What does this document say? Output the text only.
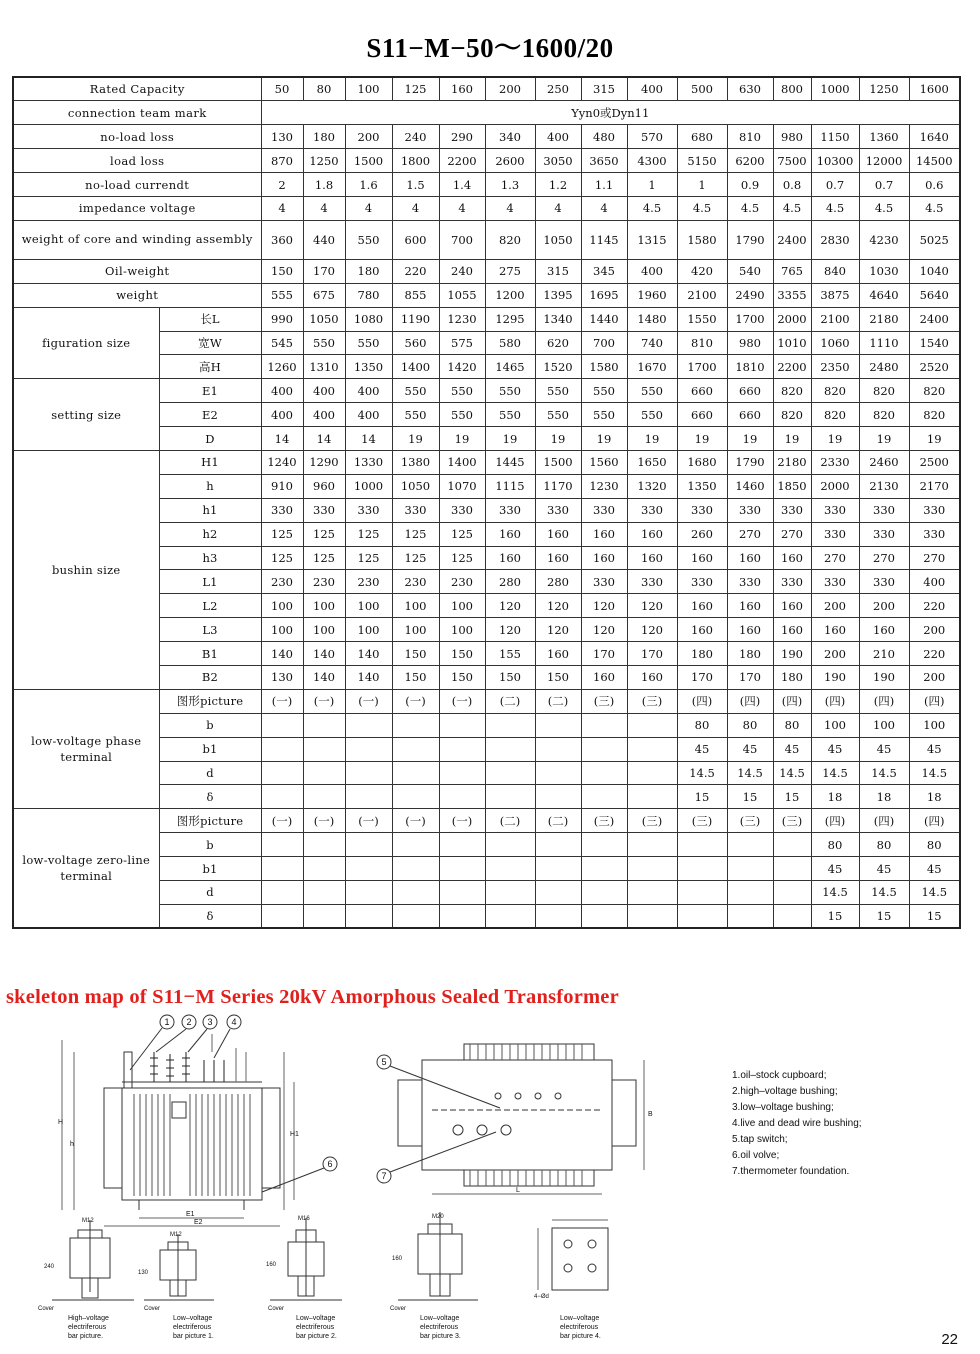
S11−M−50～1600/20
Rated Capacity		50	80	100	125	160	200	250	315	400	500	630	800	1000	1250	1600
connection team mark		Yyn0或Dyn11														
no-load loss		130	180	200	240	290	340	400	480	570	680	810	980	1150	1360	1640
load loss		870	1250	1500	1800	2200	2600	3050	3650	4300	5150	6200	7500	10300	12000	14500
no-load currendt		2	1.8	1.6	1.5	1.4	1.3	1.2	1.1	1	1	0.9	0.8	0.7	0.7	0.6
impedance voltage		4	4	4	4	4	4	4	4	4.5	4.5	4.5	4.5	4.5	4.5	4.5
weight of core and winding assembly		360	440	550	600	700	820	1050	1145	1315	1580	1790	2400	2830	4230	5025
Oil-weight		150	170	180	220	240	275	315	345	400	420	540	765	840	1030	1040
weight		555	675	780	855	1055	1200	1395	1695	1960	2100	2490	3355	3875	4640	5640
figuration size	长L	990	1050	1080	1190	1230	1295	1340	1440	1480	1550	1700	2000	2100	2180	2400
	宽W	545	550	550	560	575	580	620	700	740	810	980	1010	1060	1110	1540
	高H	1260	1310	1350	1400	1420	1465	1520	1580	1670	1700	1810	2200	2350	2480	2520
setting size	E1	400	400	400	550	550	550	550	550	550	660	660	820	820	820	820
	E2	400	400	400	550	550	550	550	550	550	660	660	820	820	820	820
	D	14	14	14	19	19	19	19	19	19	19	19	19	19	19	19
bushin size	H1	1240	1290	1330	1380	1400	1445	1500	1560	1650	1680	1790	2180	2330	2460	2500
	h	910	960	1000	1050	1070	1115	1170	1230	1320	1350	1460	1850	2000	2130	2170
	h1	330	330	330	330	330	330	330	330	330	330	330	330	330	330	330
	h2	125	125	125	125	125	160	160	160	160	260	270	270	330	330	330
	h3	125	125	125	125	125	160	160	160	160	160	160	160	270	270	270
	L1	230	230	230	230	230	280	280	330	330	330	330	330	330	330	400
	L2	100	100	100	100	100	120	120	120	120	160	160	160	200	200	220
	L3	100	100	100	100	100	120	120	120	120	160	160	160	160	160	200
	B1	140	140	140	150	150	155	160	170	170	180	180	190	200	210	220
	B2	130	140	140	150	150	150	150	160	160	170	170	180	190	190	200
low-voltage phase terminal	图形picture	(一)	(一)	(一)	(一)	(一)	(二)	(二)	(三)	(三)	(四)	(四)	(四)	(四)	(四)	(四)
	b										80	80	80	100	100	100
	b1										45	45	45	45	45	45
	d										14.5	14.5	14.5	14.5	14.5	14.5
	δ										15	15	15	18	18	18
low-voltage zero-line terminal	图形picture	(一)	(一)	(一)	(一)	(一)	(二)	(二)	(三)	(三)	(三)	(三)	(三)	(四)	(四)	(四)
	b													80	80	80
	b1													45	45	45
	d													14.5	14.5	14.5
	δ													15	15	15
skeleton map of S11−M Series 20kV Amorphous Sealed Transformer
E1
E2
H
h
H1
1 2 3 4
6
5
7
L
B
1.oil–stock cupboard;
2.high–voltage bushing;
3.low–voltage bushing;
4.live and dead wire bushing;
5.tap switch;
6.oil volve;
7.thermometer foundation.
M12
M12
M16	M20
4−Ød
240
130
160
160
Cover	Cover	Cover	Cover
High–voltage
electriferous
bar picture.
Low–voltage
electriferous
bar picture 1.
Low–voltage
electriferous
bar picture 2.
Low–voltage
electriferous
bar picture 3.
Low–voltage
electriferous
bar picture 4.	22
